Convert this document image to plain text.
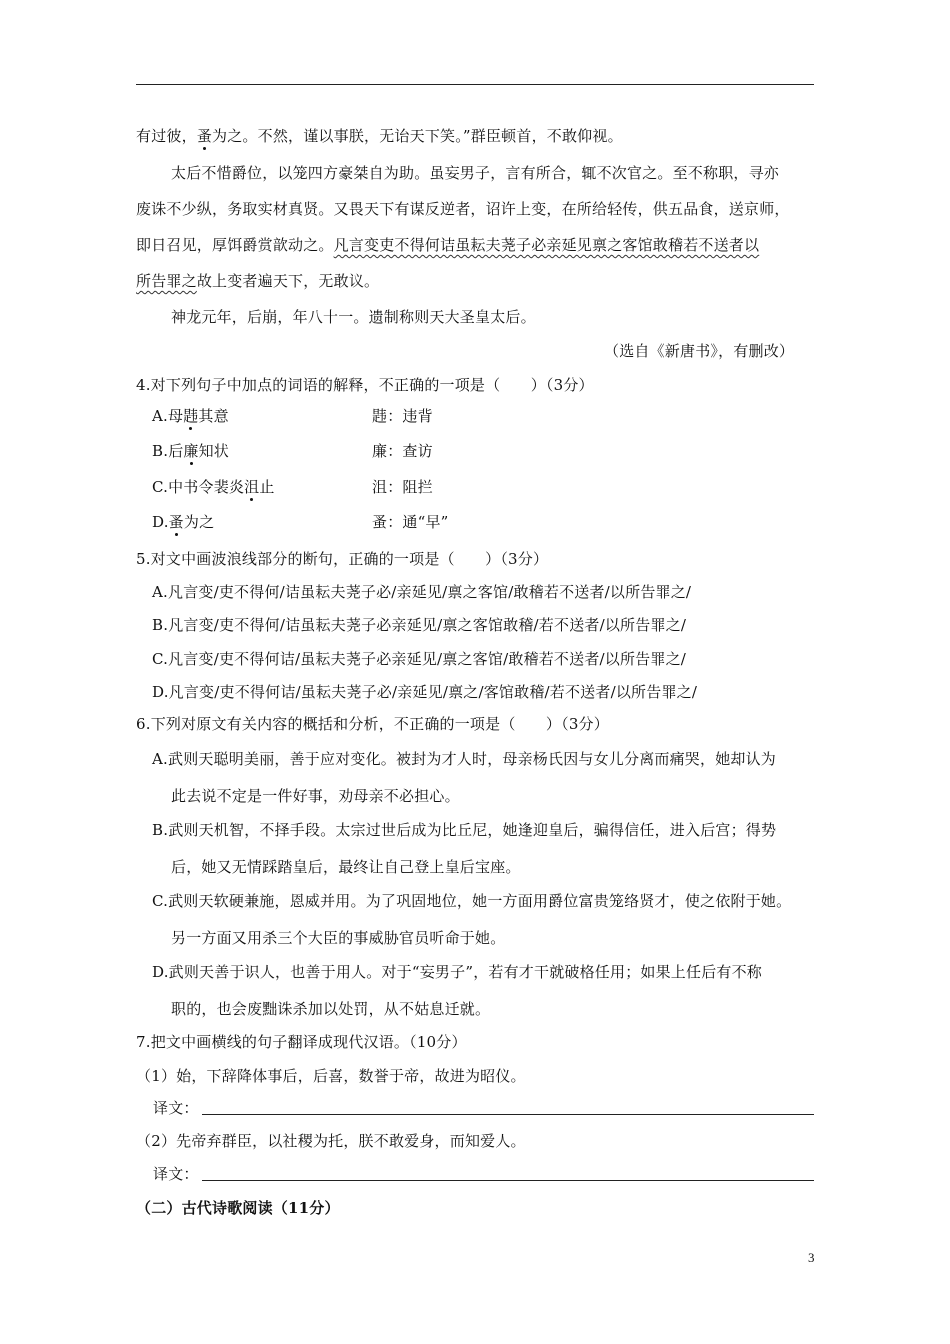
有过彼，蚤为之。不然，谨以事朕，无诒天下笑。”群臣顿首，不敢仰视。
太后不惜爵位，以笼四方豪桀自为助。虽妄男子，言有所合，辄不次官之。至不称职，寻亦
废诛不少纵，务取实材真贤。又畏天下有谋反逆者，诏许上变，在所给轻传，供五品食，送京师，
即日召见，厚饵爵赏歆动之。凡言变吏不得何诘虽耘夫荛子必亲延见禀之客馆敢稽若不送者以
所告罪之故上变者遍天下，无敢议。
神龙元年，后崩，年八十一。遗制称则天大圣皇太后。
（选自《新唐书》，有删改）
4.对下列句子中加点的词语的解释，不正确的一项是（　　）（3分）
A.母韪其意	韪：违背
B.后廉知状	廉：查访
C.中书令裴炎沮止	沮：阻拦
D.蚤为之	蚤：通“早”
5.对文中画波浪线部分的断句，正确的一项是（　　）（3分）
A.凡言变/吏不得何/诘虽耘夫荛子必/亲延见/禀之客馆/敢稽若不送者/以所告罪之/
B.凡言变/吏不得何/诘虽耘夫荛子必亲延见/禀之客馆敢稽/若不送者/以所告罪之/
C.凡言变/吏不得何诘/虽耘夫荛子必亲延见/禀之客馆/敢稽若不送者/以所告罪之/
D.凡言变/吏不得何诘/虽耘夫荛子必/亲延见/禀之/客馆敢稽/若不送者/以所告罪之/
6.下列对原文有关内容的概括和分析，不正确的一项是（　　）（3分）
A.武则天聪明美丽，善于应对变化。被封为才人时，母亲杨氏因与女儿分离而痛哭，她却认为
此去说不定是一件好事，劝母亲不必担心。
B.武则天机智，不择手段。太宗过世后成为比丘尼，她逢迎皇后，骗得信任，进入后宫；得势
后，她又无情踩踏皇后，最终让自己登上皇后宝座。
C.武则天软硬兼施，恩威并用。为了巩固地位，她一方面用爵位富贵笼络贤才，使之依附于她。
另一方面又用杀三个大臣的事威胁官员听命于她。
D.武则天善于识人，也善于用人。对于“妄男子”，若有才干就破格任用；如果上任后有不称
职的，也会废黜诛杀加以处罚，从不姑息迁就。
7.把文中画横线的句子翻译成现代汉语。（10分）
（1）始，下辞降体事后，后喜，数誉于帝，故进为昭仪。
译文：
（2）先帝弃群臣，以社稷为托，朕不敢爱身，而知爱人。
译文：
（二）古代诗歌阅读（11分）
3
